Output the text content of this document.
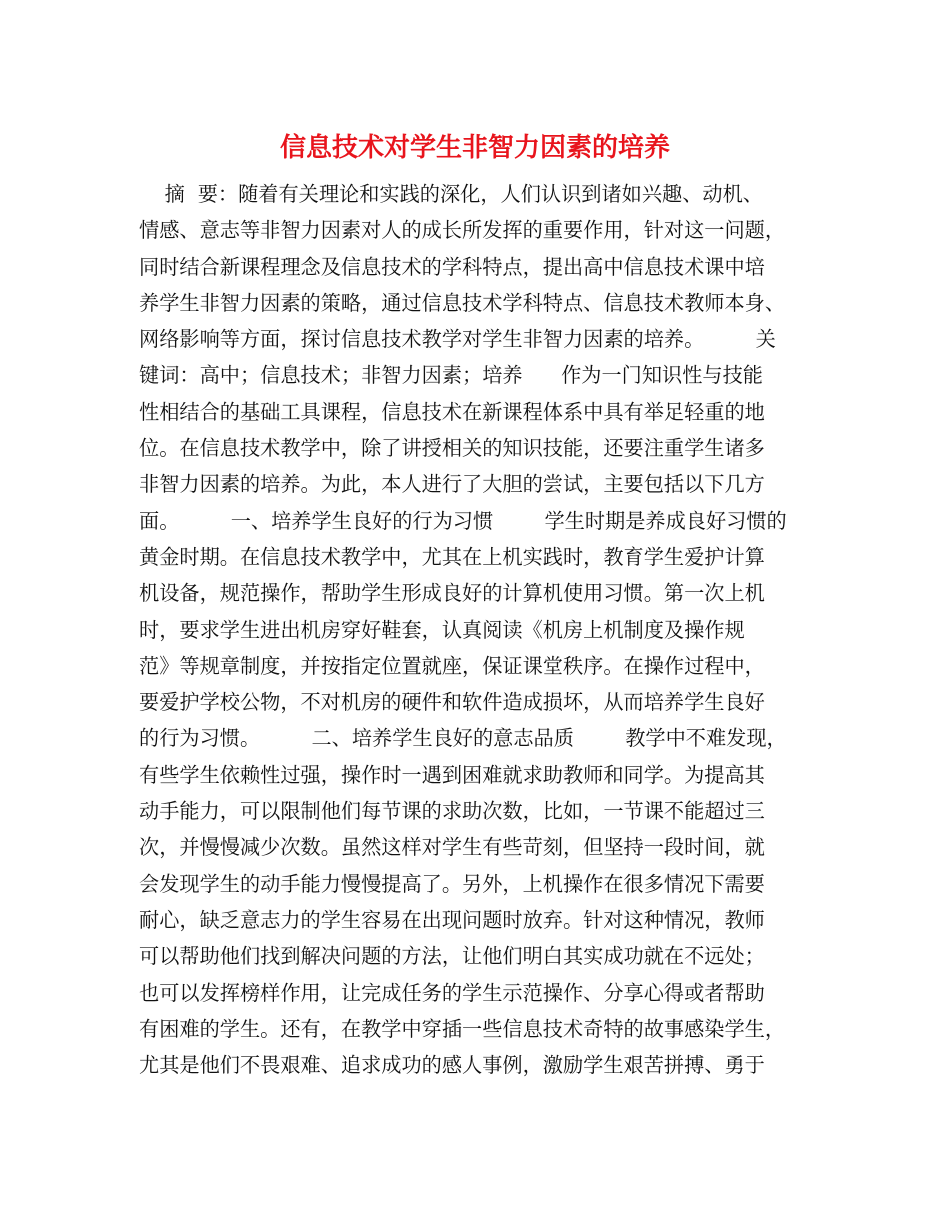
信息技术对学生非智力因素的培养
摘  要：随着有关理论和实践的深化，人们认识到诸如兴趣、动机、
情感、意志等非智力因素对人的成长所发挥的重要作用，针对这一问题，
同时结合新课程理念及信息技术的学科特点，提出高中信息技术课中培
养学生非智力因素的策略，通过信息技术学科特点、信息技术教师本身、
网络影响等方面，探讨信息技术教学对学生非智力因素的培养。        关
键词：高中；信息技术；非智力因素；培养      作为一门知识性与技能
性相结合的基础工具课程，信息技术在新课程体系中具有举足轻重的地
位。在信息技术教学中，除了讲授相关的知识技能，还要注重学生诸多
非智力因素的培养。为此，本人进行了大胆的尝试，主要包括以下几方
面。        一、培养学生良好的行为习惯        学生时期是养成良好习惯的
黄金时期。在信息技术教学中，尤其在上机实践时，教育学生爱护计算
机设备，规范操作，帮助学生形成良好的计算机使用习惯。第一次上机
时，要求学生进出机房穿好鞋套，认真阅读《机房上机制度及操作规
范》等规章制度，并按指定位置就座，保证课堂秩序。在操作过程中，
要爱护学校公物，不对机房的硬件和软件造成损坏，从而培养学生良好
的行为习惯。        二、培养学生良好的意志品质        教学中不难发现，
有些学生依赖性过强，操作时一遇到困难就求助教师和同学。为提高其
动手能力，可以限制他们每节课的求助次数，比如，一节课不能超过三
次，并慢慢减少次数。虽然这样对学生有些苛刻，但坚持一段时间，就
会发现学生的动手能力慢慢提高了。另外，上机操作在很多情况下需要
耐心，缺乏意志力的学生容易在出现问题时放弃。针对这种情况，教师
可以帮助他们找到解决问题的方法，让他们明白其实成功就在不远处；
也可以发挥榜样作用，让完成任务的学生示范操作、分享心得或者帮助
有困难的学生。还有，在教学中穿插一些信息技术奇特的故事感染学生，
尤其是他们不畏艰难、追求成功的感人事例，激励学生艰苦拼搏、勇于
